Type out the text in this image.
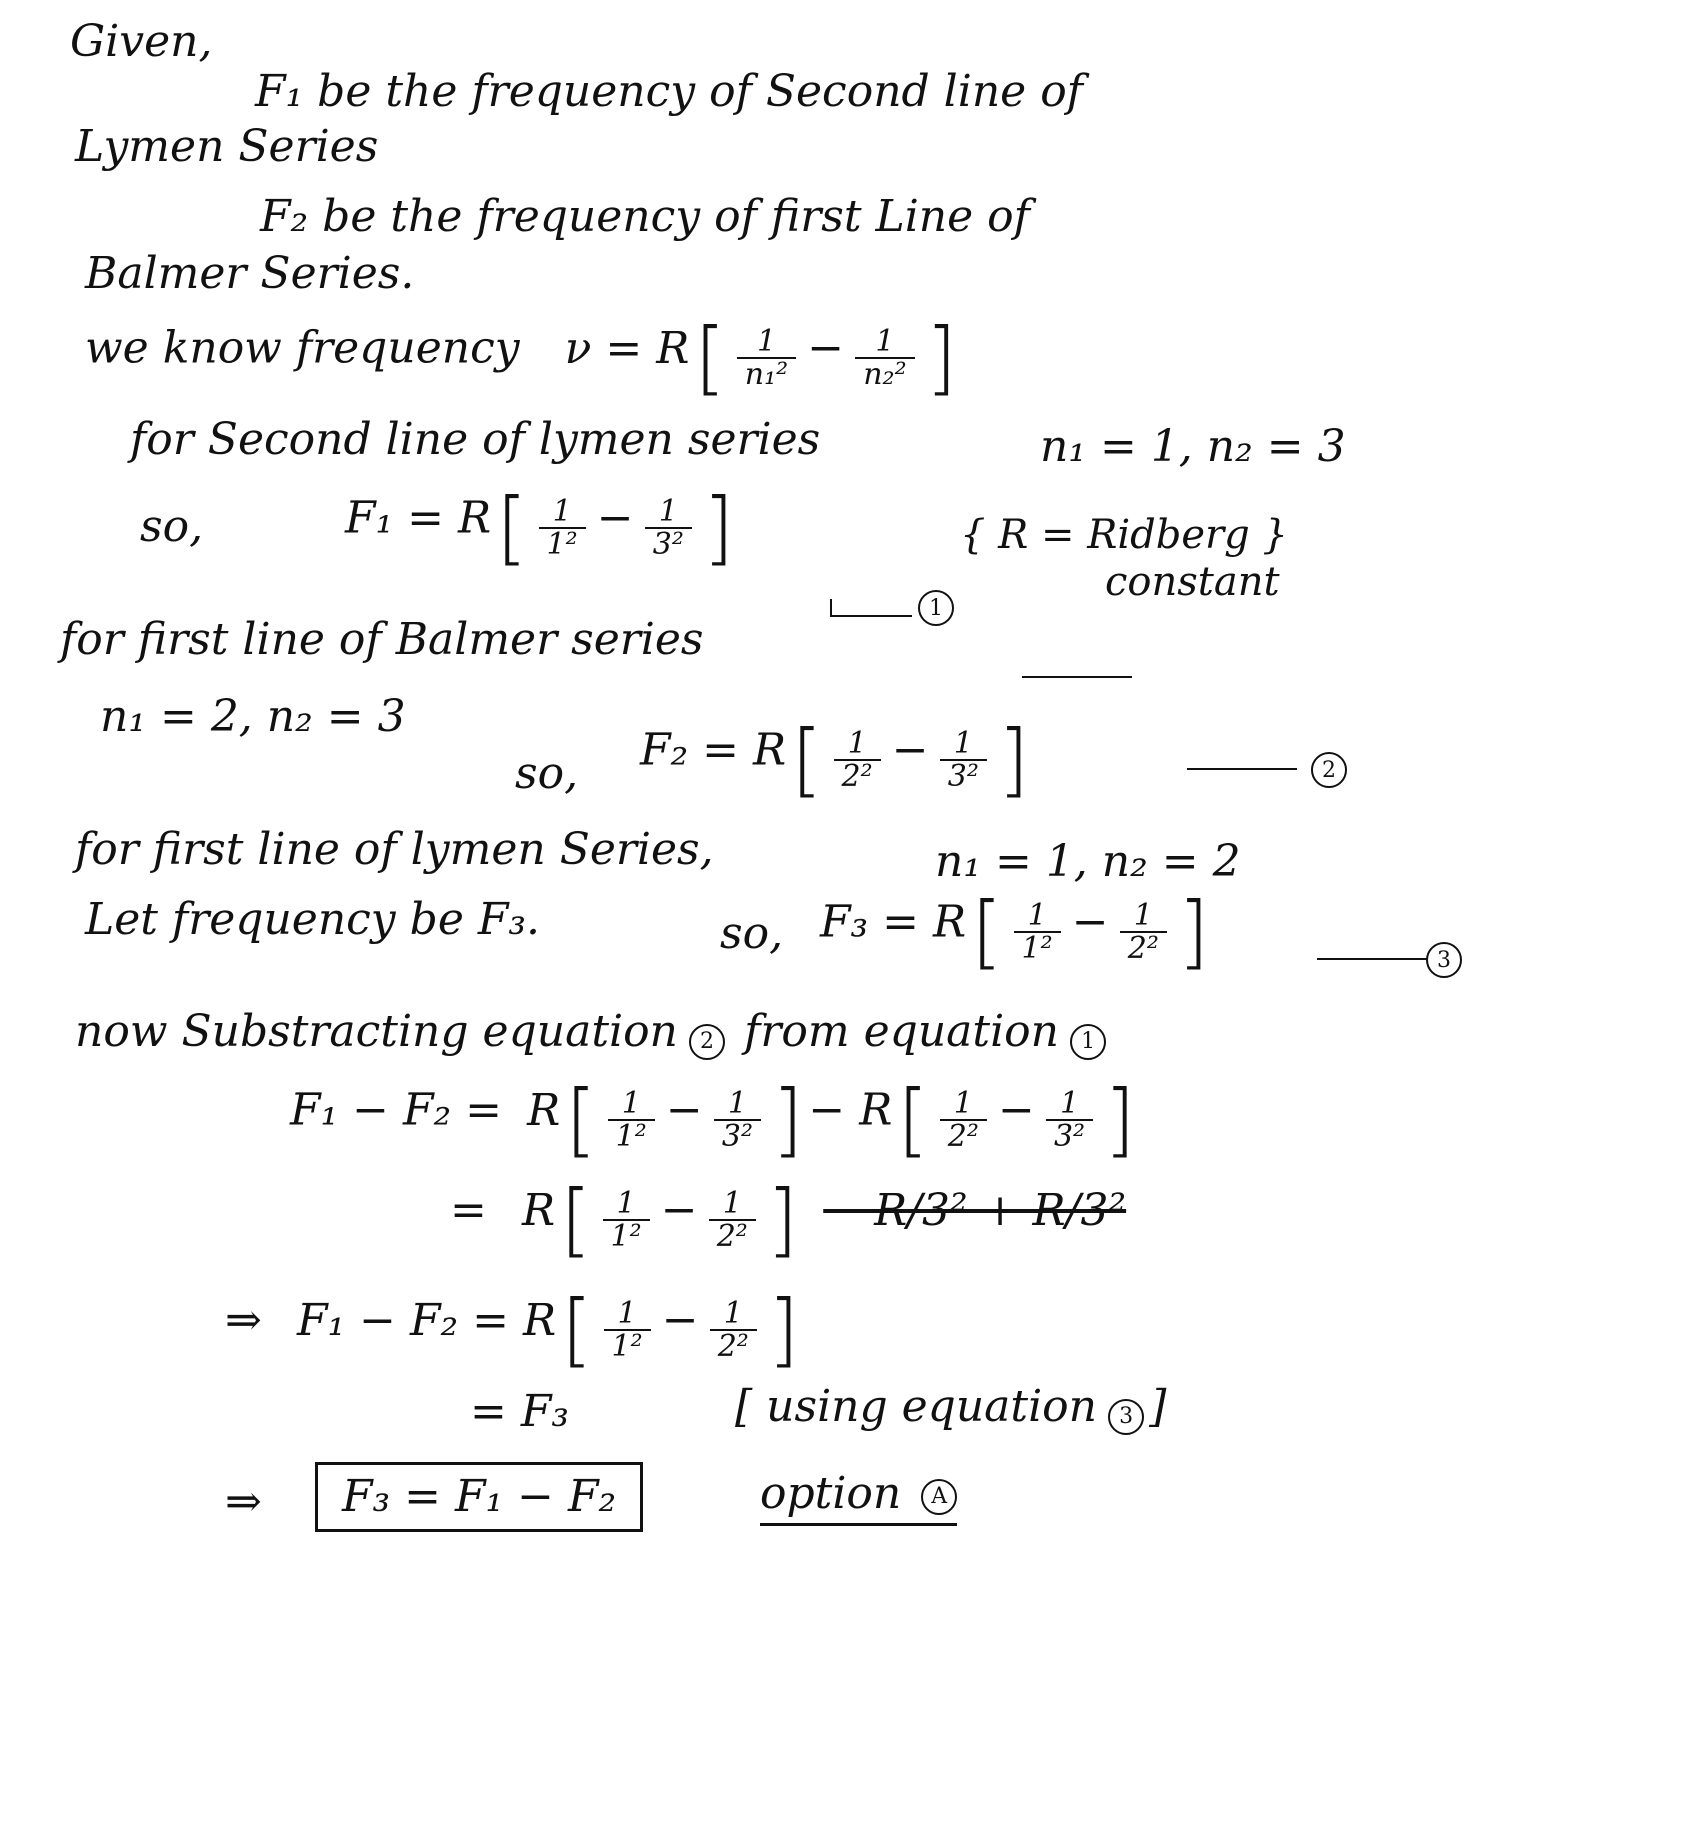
Given,
F₁ be the frequency of Second line of
Lymen Series
F₂ be the frequency of first Line of
Balmer Series.
we know frequency ν = R [ $\frac{1}{\text{n₁²}} - \frac{1}{\text{n₂²}}$ ]
for Second line of lymen series	n₁ = 1, n₂ = 3
so,	F₁ = R [ $\frac{1}{\text{1²}} - \frac{1}{\text{3²}}$ ]
1
{ R = Ridberg }
constant
for first line of Balmer series
n₁ = 2, n₂ = 3
so, F₂ = R [ $\frac{1}{\text{2²}} - \frac{1}{\text{3²}}$ ]	2
for first line of lymen Series,	n₁ = 1, n₂ = 2
Let frequency be F₃.	so, F₃ = R [ $\frac{1}{\text{1²}} - \frac{1}{\text{2²}}$ ]	3
now Substracting equation 2 from equation 1
F₁ − F₂ = R [ $\frac{1}{\text{1²}} - \frac{1}{\text{3²}}$ ] − R [ $\frac{1}{\text{2²}} - \frac{1}{\text{3²}}$ ]
= R [ $\frac{1}{\text{1²}} - \frac{1}{\text{2²}}$ ] − R/3² + R/3²
⇒ F₁ − F₂ = R [ $\frac{1}{\text{1²}} - \frac{1}{\text{2²}}$ ]
= F₃	[ using equation 3 ]
⇒	F₃ = F₁ − F₂	option A
